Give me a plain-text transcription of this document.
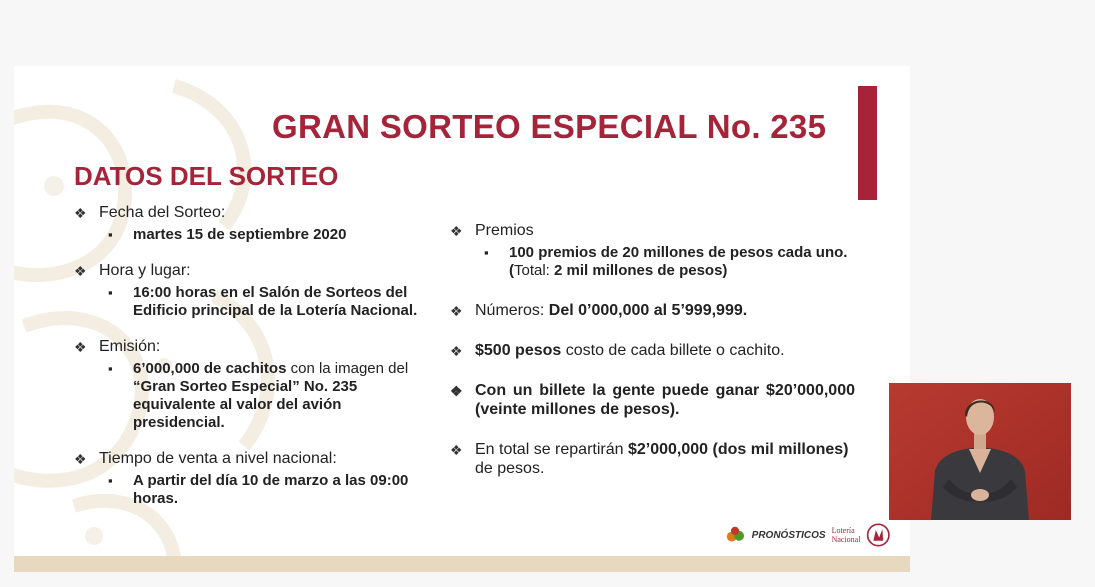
GRAN SORTEO ESPECIAL No. 235
DATOS DEL SORTEO
❖ Fecha del Sorteo:
▪ martes 15 de septiembre 2020
❖ Hora y lugar:
▪ 16:00 horas en el Salón de Sorteos del Edificio principal de la Lotería Nacional.
❖ Emisión:
▪ 6’000,000 de cachitos con la imagen del “Gran Sorteo Especial” No. 235 equivalente al valor del avión presidencial.
❖ Tiempo de venta a nivel nacional:
▪ A partir del día 10 de marzo a las 09:00 horas.
❖ Premios
▪ 100 premios de 20 millones de pesos cada uno. (Total: 2 mil millones de pesos)
❖ Números: Del 0’000,000 al 5’999,999.
❖ $500 pesos costo de cada billete o cachito.
❖ Con un billete la gente puede ganar $20’000,000 (veinte millones de pesos).
❖ En total se repartirán $2’000,000 (dos mil millones) de pesos.
PRONÓSTICOS Lotería
Nacional
